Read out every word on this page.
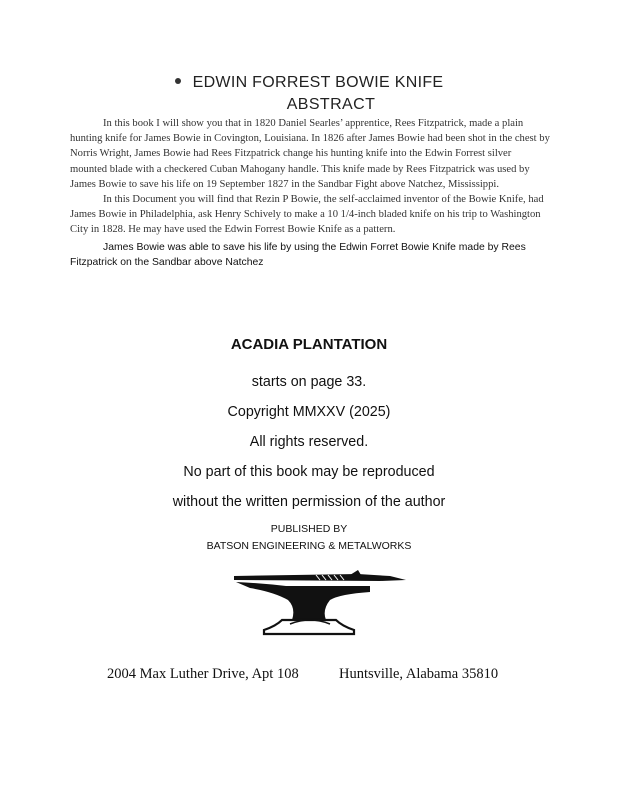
EDWIN FORREST BOWIE KNIFE
ABSTRACT

In this book I will show you that in 1820 Daniel Searles’ apprentice, Rees Fitzpatrick, made a plain hunting knife for James Bowie in Covington, Louisiana. In 1826 after James Bowie had been shot in the chest by Norris Wright, James Bowie had Rees Fitzpatrick change his hunting knife into the Edwin Forrest silver mounted blade with a checkered Cuban Mahogany handle. This knife made by Rees Fitzpatrick was used by James Bowie to save his life on 19 September 1827 in the Sandbar Fight above Natchez, Mississippi.

In this Document you will find that Rezin P Bowie, the self-acclaimed inventor of the Bowie Knife, had James Bowie in Philadelphia, ask Henry Schively to make a 10 1/4-inch bladed knife on his trip to Washington City in 1828. He may have used the Edwin Forrest Bowie Knife as a pattern.

James Bowie was able to save his life by using the Edwin Forret Bowie Knife made by Rees Fitzpatrick on the Sandbar above Natchez

ACADIA PLANTATION
starts on page 33.
Copyright MMXXV (2025)
All rights reserved.
No part of this book may be reproduced
without the written permission of the author
PUBLISHED BY
BATSON ENGINEERING & METALWORKS
2004 Max Luther Drive, Apt 108	Huntsville, Alabama 35810
